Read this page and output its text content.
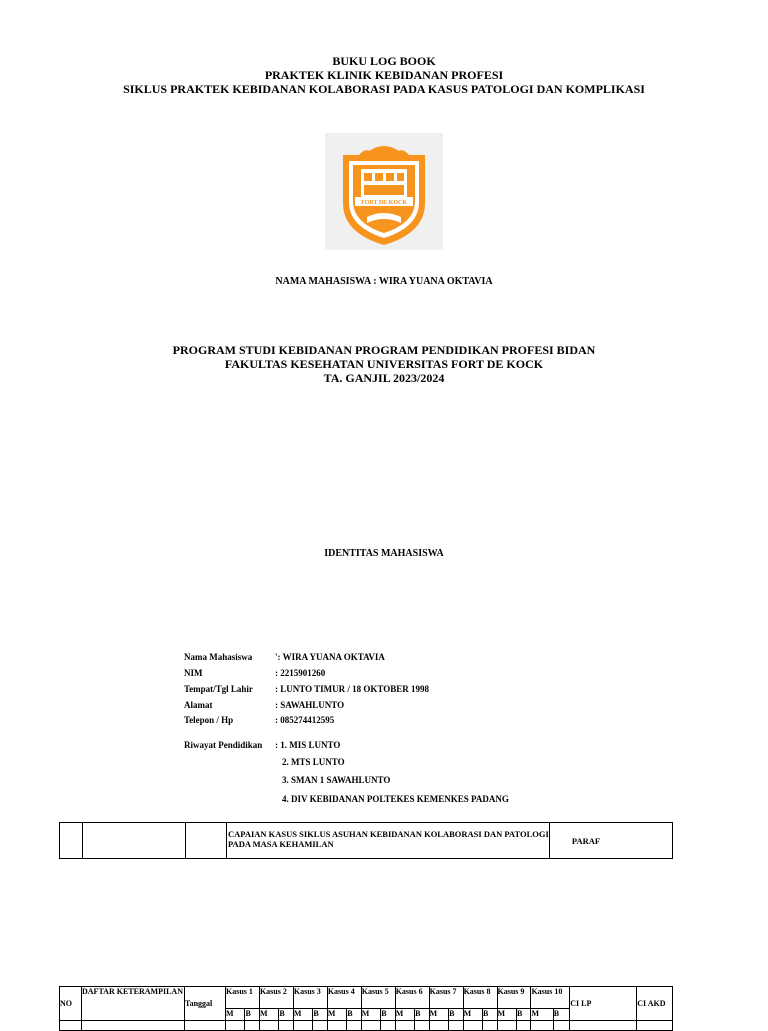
BUKU LOG BOOK
PRAKTEK KLINIK KEBIDANAN PROFESI
SIKLUS PRAKTEK KEBIDANAN KOLABORASI PADA KASUS PATOLOGI DAN KOMPLIKASI
FORT DE KOCK
NAMA MAHASISWA : WIRA YUANA OKTAVIA
PROGRAM STUDI KEBIDANAN PROGRAM PENDIDIKAN PROFESI BIDAN
FAKULTAS KESEHATAN UNIVERSITAS FORT DE KOCK
TA. GANJIL 2023/2024
IDENTITAS MAHASISWA
Nama Mahasiswa	': WIRA YUANA OKTAVIA
NIM	: 2215901260
Tempat/Tgl Lahir : LUNTO TIMUR / 18 OKTOBER 1998
Alamat	: SAWAHLUNTO
Telepon / Hp	: 085274412595
Riwayat Pendidikan : 1. MIS LUNTO
2. MTS LUNTO
3. SMAN 1 SAWAHLUNTO
4. DIV KEBIDANAN POLTEKES KEMENKES PADANG
			CAPAIAN KASUS SIKLUS ASUHAN KEBIDANAN KOLABORASI DAN PATOLOGI PADA MASA KEHAMILAN	PARAF
NO	DAFTAR KETERAMPILAN	Tanggal	Kasus 1		Kasus 2		Kasus 3		Kasus 4		Kasus 5		Kasus 6		Kasus 7		Kasus 8		Kasus 9		Kasus 10		CI LP	CI AKD
			M	B	M	B	M	B	M	B	M	B	M	B	M	B	M	B	M	B	M	B		
